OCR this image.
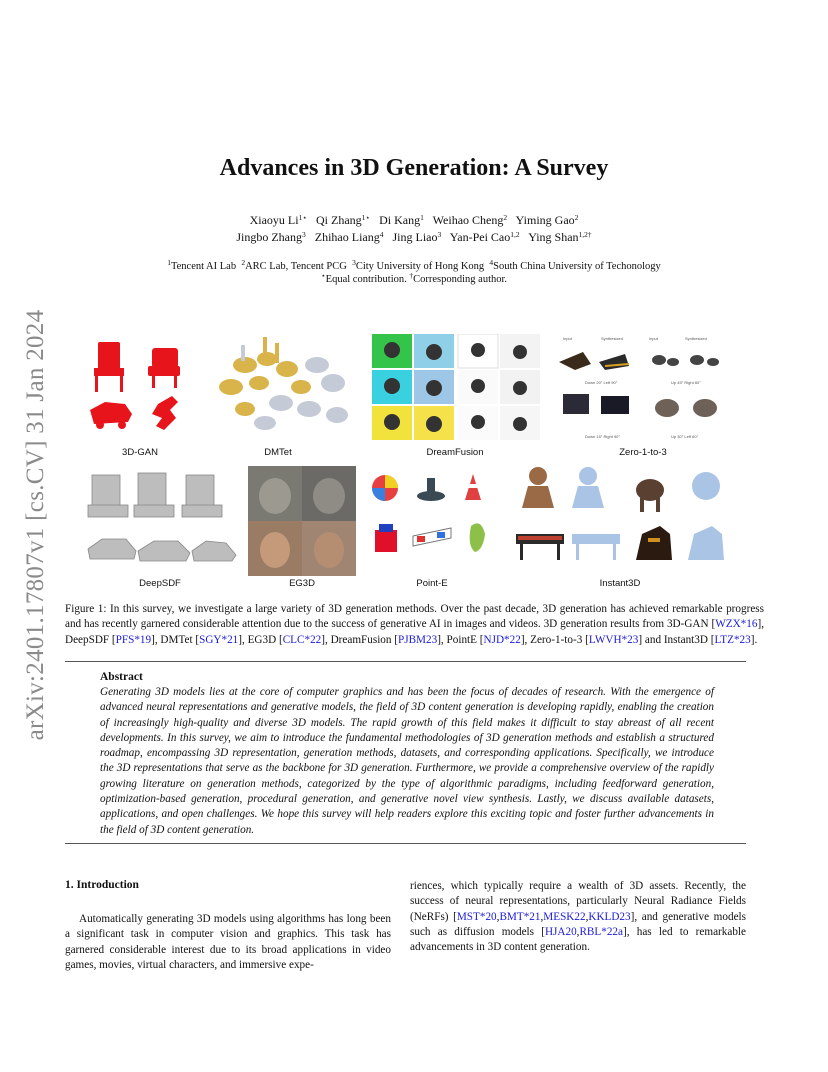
arXiv:2401.17807v1 [cs.CV] 31 Jan 2024
Advances in 3D Generation: A Survey
Xiaoyu $Li^{1⋆}$ Qi Zhang$^{1⋆}$ Di Kang$^1$ Weihao Cheng$^2$ Yiming Gao$^2$
Jingbo Zhang$^3$ Zhihao Liang$^4$ Jing Liao$^3$ Yan-Pei Cao$^{1,2}$ Ying Shan$^{1,2\dagger}$
$^1$Tencent AI Lab $^2$ARC Lab, Tencent PCG $^3$City University of Hong Kong $^4$South China University of Techonology
⋆Equal contribution. †Corresponding author.
Input	Synthesized	Input	Synthesized
Down 20° Left 90°	Up 45° Right 60°
Down 15° Right 90°	Up 30° Left 60°
3D-GAN	DMTet	DreamFusion	Zero-1-to-3
DeepSDF	EG3D	Point-E	Instant3D
Figure 1: In this survey, we investigate a large variety of 3D generation methods. Over the past decade, 3D generation has achieved remarkable progress and has recently garnered considerable attention due to the success of generative AI in images and videos. 3D generation results from 3D-GAN [WZX*16], DeepSDF [PFS*19], DMTet [SGY*21], EG3D [CLC*22], DreamFusion [PJBM23], PointE [NJD*22], Zero-1-to-3 [LWVH*23] and Instant3D [LTZ*23].
Abstract
Generating 3D models lies at the core of computer graphics and has been the focus of decades of research. With the emergence of advanced neural representations and generative models, the field of 3D content generation is developing rapidly, enabling the creation of increasingly high-quality and diverse 3D models. The rapid growth of this field makes it difficult to stay abreast of all recent developments. In this survey, we aim to introduce the fundamental methodologies of 3D generation methods and establish a structured roadmap, encompassing 3D representation, generation methods, datasets, and corresponding applications. Specifically, we introduce the 3D representations that serve as the backbone for 3D generation. Furthermore, we provide a comprehensive overview of the rapidly growing literature on generation methods, categorized by the type of algorithmic paradigms, including feedforward generation, optimization-based generation, procedural generation, and generative novel view synthesis. Lastly, we discuss available datasets, applications, and open challenges. We hope this survey will help readers explore this exciting topic and foster further advancements in the field of 3D content generation.
1. Introduction
Automatically generating 3D models using algorithms has long been a significant task in computer vision and graphics. This task has garnered considerable interest due to its broad applications in video games, movies, virtual characters, and immersive expe-
riences, which typically require a wealth of 3D assets. Recently, the success of neural representations, particularly Neural Radiance Fields (NeRFs) [MST*20,BMT*21,MESK22,KKLD23], and generative models such as diffusion models [HJA20,RBL*22a], has led to remarkable advancements in 3D content generation.
